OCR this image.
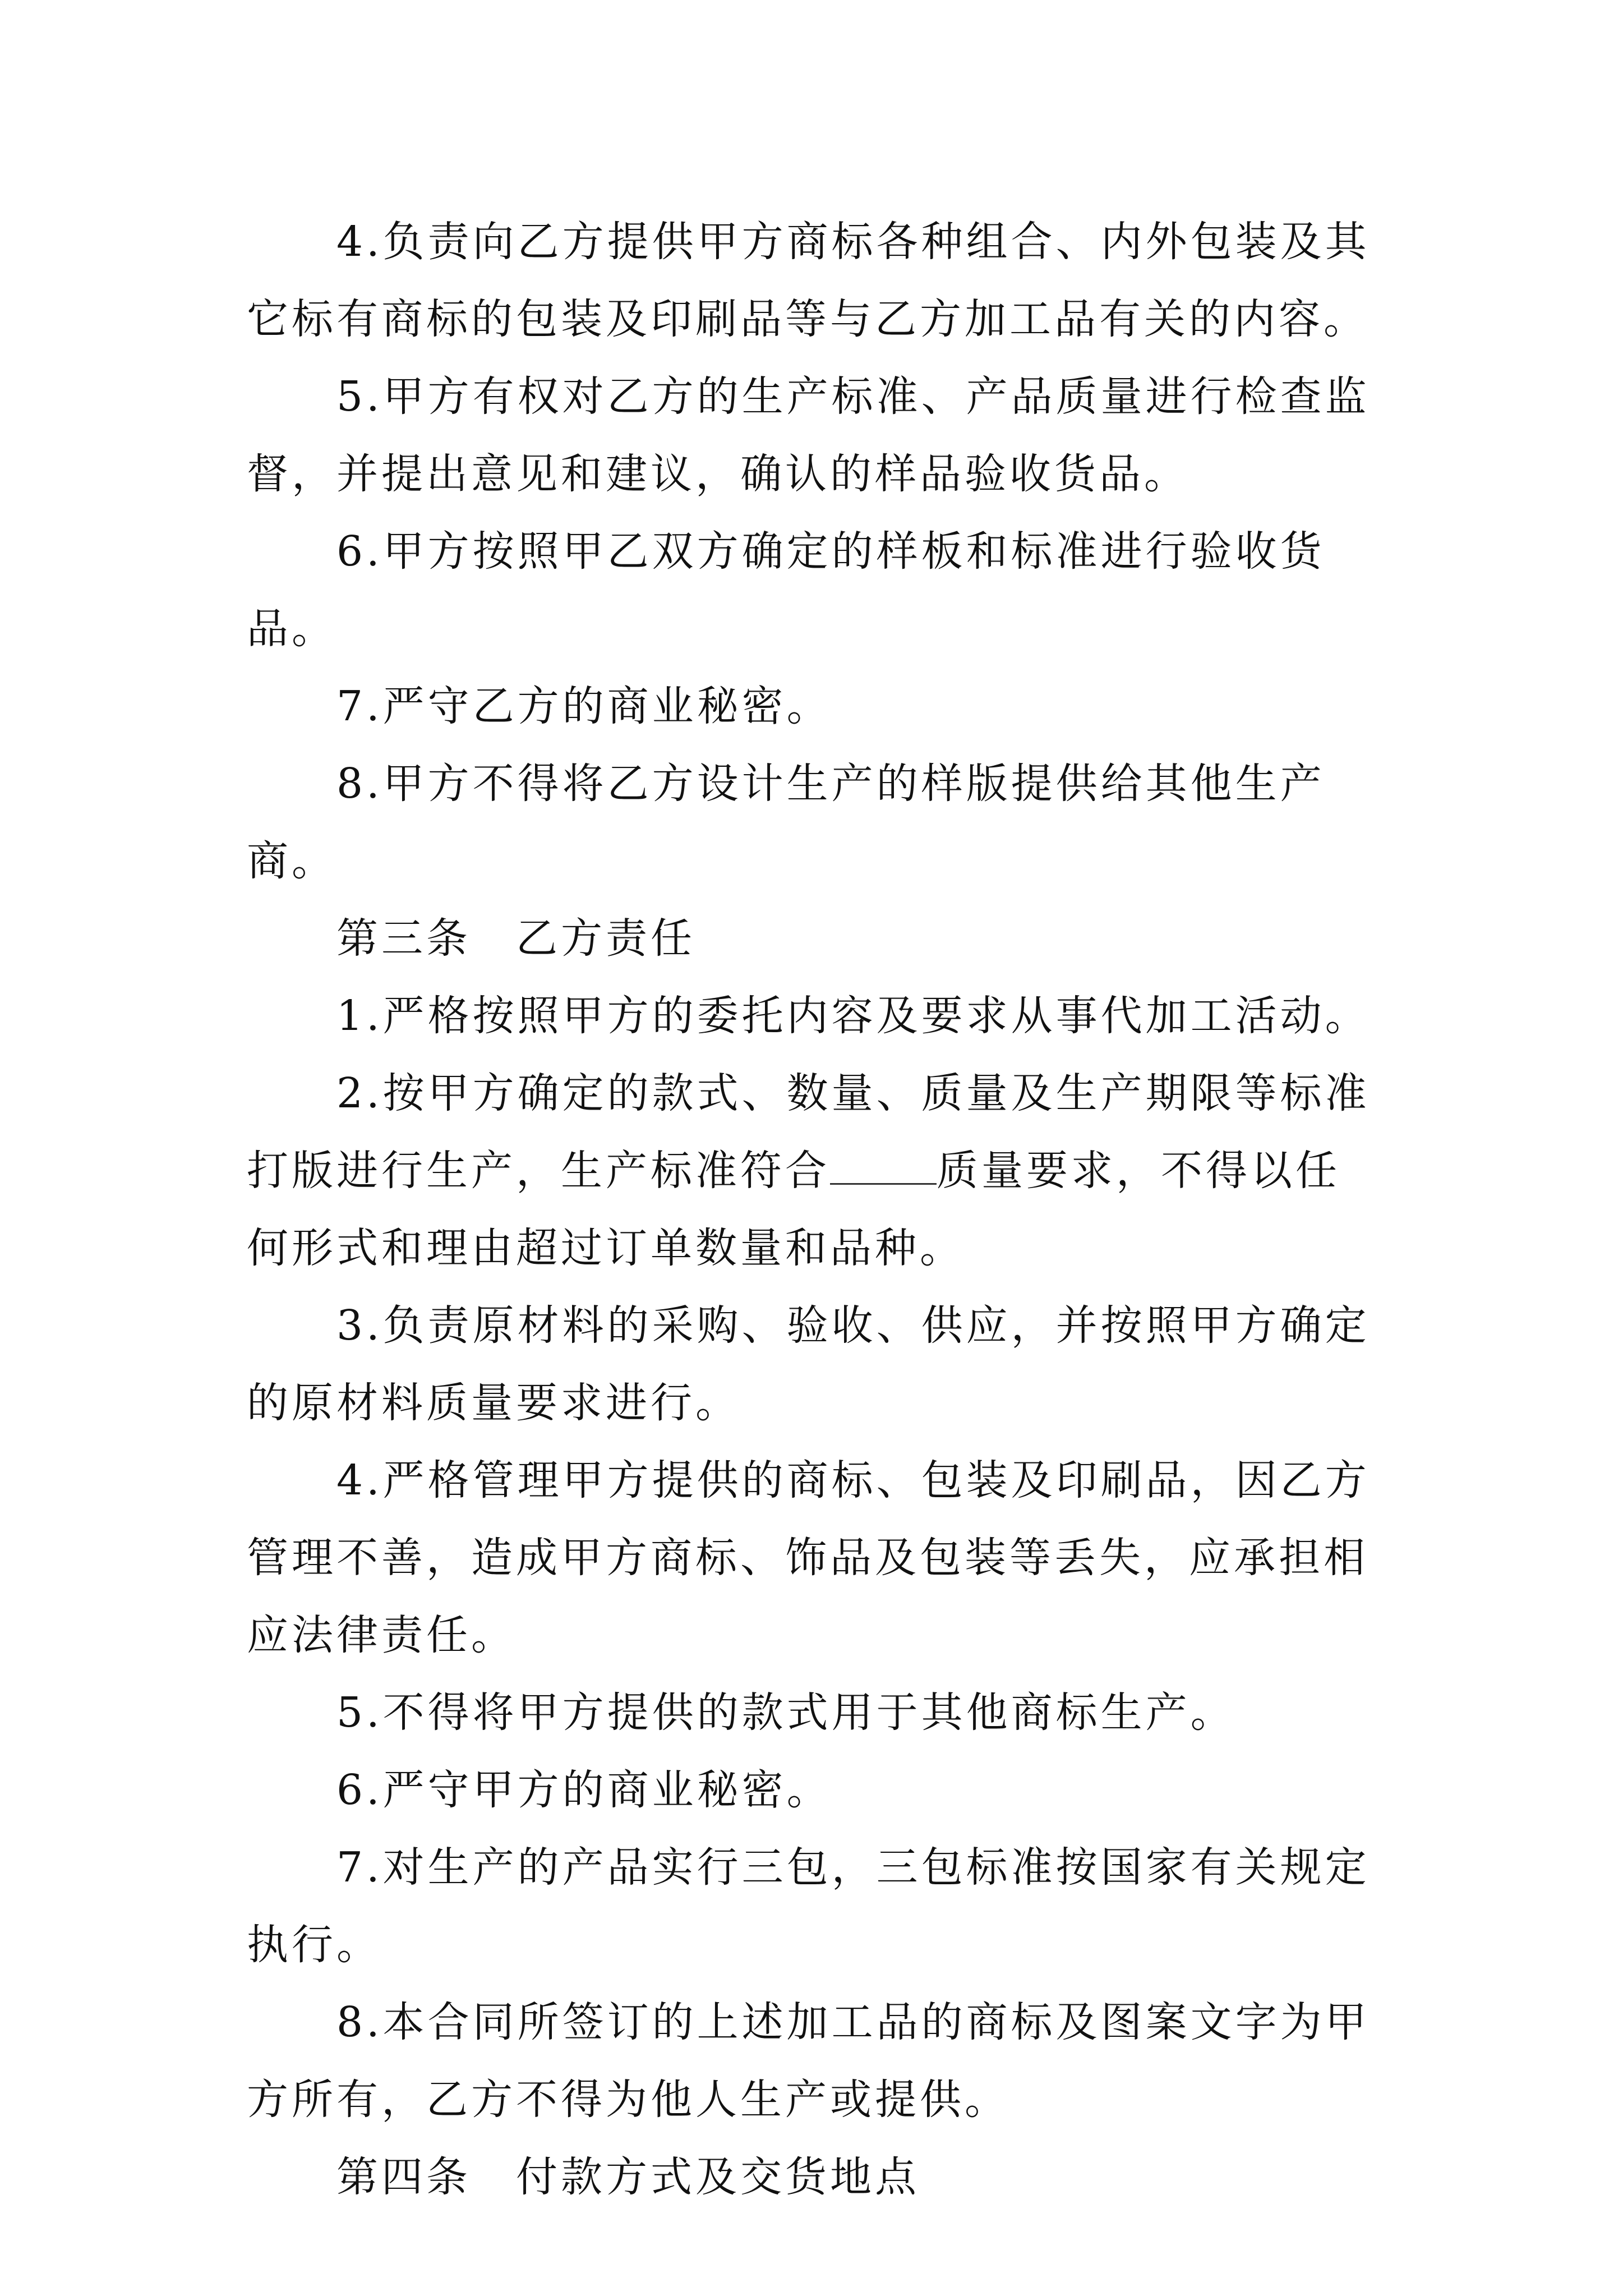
4.负责向乙方提供甲方商标各种组合、内外包装及其它标有商标的包装及印刷品等与乙方加工品有关的内容。

5.甲方有权对乙方的生产标准、产品质量进行检查监督，并提出意见和建议，确认的样品验收货品。

6.甲方按照甲乙双方确定的样板和标准进行验收货品。

7.严守乙方的商业秘密。

8.甲方不得将乙方设计生产的样版提供给其他生产商。

第三条　乙方责任

1.严格按照甲方的委托内容及要求从事代加工活动。

2.按甲方确定的款式、数量、质量及生产期限等标准打版进行生产，生产标准符合	质量要求，不得以任何形式和理由超过订单数量和品种。

3.负责原材料的采购、验收、供应，并按照甲方确定的原材料质量要求进行。

4.严格管理甲方提供的商标、包装及印刷品，因乙方管理不善，造成甲方商标、饰品及包装等丢失，应承担相应法律责任。

5.不得将甲方提供的款式用于其他商标生产。

6.严守甲方的商业秘密。

7.对生产的产品实行三包，三包标准按国家有关规定执行。

8.本合同所签订的上述加工品的商标及图案文字为甲方所有，乙方不得为他人生产或提供。

第四条　付款方式及交货地点
